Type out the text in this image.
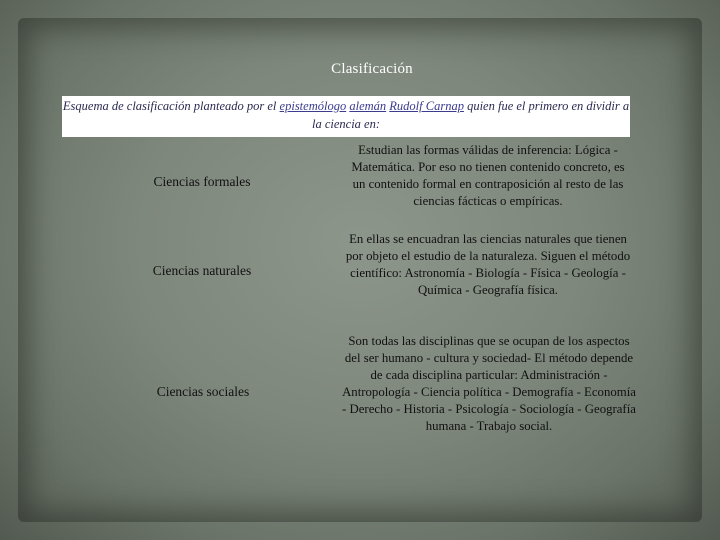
Clasificación
Esquema de clasificación planteado por el epistemólogo alemán Rudolf Carnap quien fue el primero en dividir a la ciencia en:
Ciencias formales
Estudian las formas válidas de inferencia: Lógica - Matemática. Por eso no tienen contenido concreto, es un contenido formal en contraposición al resto de las ciencias fácticas o empíricas.
Ciencias naturales
En ellas se encuadran las ciencias naturales que tienen por objeto el estudio de la naturaleza. Siguen el método científico: Astronomía - Biología - Física - Geología - Química - Geografía física.
Ciencias sociales
Son todas las disciplinas que se ocupan de los aspectos del ser humano - cultura y sociedad- El método depende de cada disciplina particular: Administración - Antropología - Ciencia política - Demografía - Economía - Derecho - Historia - Psicología - Sociología - Geografía humana - Trabajo social.
